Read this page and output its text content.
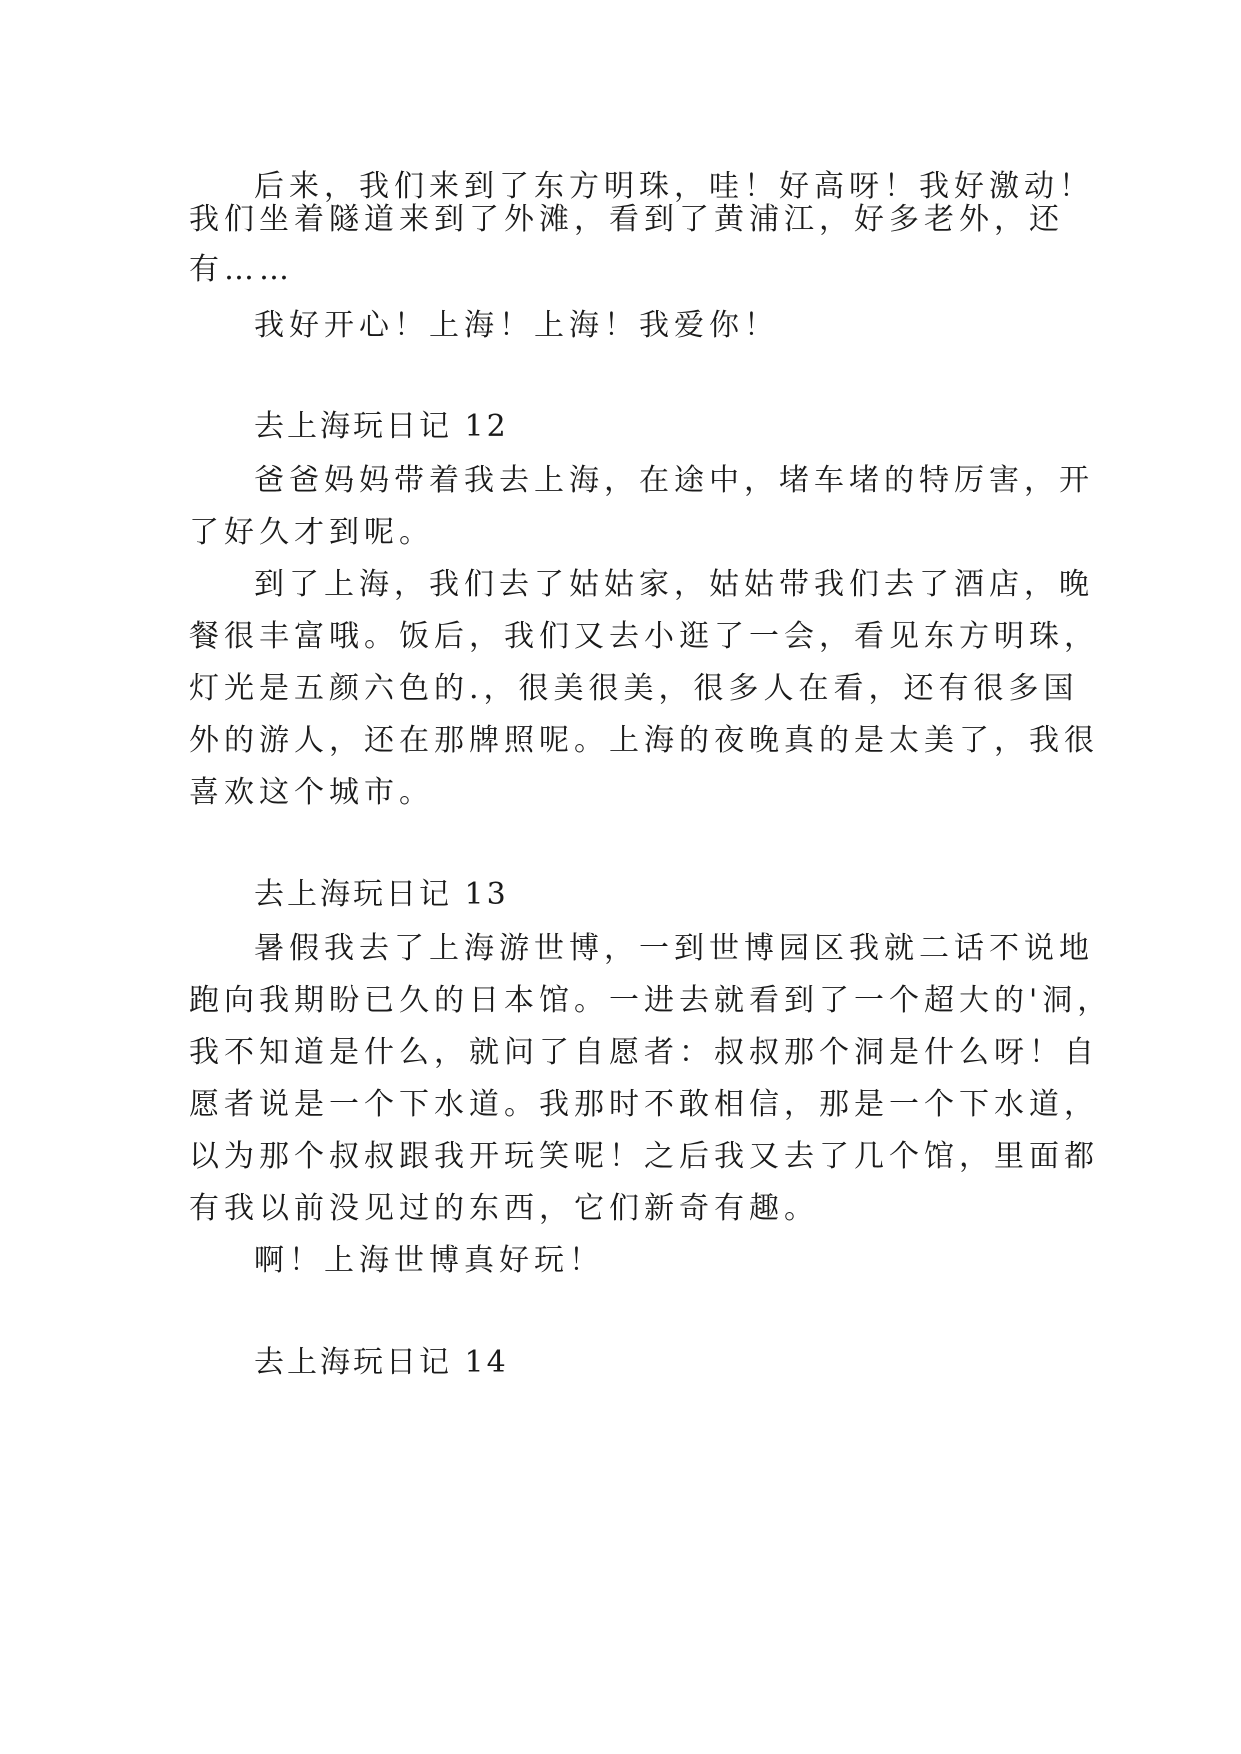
后来，我们来到了东方明珠，哇！好高呀！我好激动！
我们坐着隧道来到了外滩，看到了黄浦江，好多老外，还
有……
我好开心！上海！上海！我爱你！
去上海玩日记 12
爸爸妈妈带着我去上海，在途中，堵车堵的特厉害，开
了好久才到呢。
到了上海，我们去了姑姑家，姑姑带我们去了酒店，晚
餐很丰富哦。饭后，我们又去小逛了一会，看见东方明珠，
灯光是五颜六色的.，很美很美，很多人在看，还有很多国
外的游人，还在那牌照呢。上海的夜晚真的是太美了，我很
喜欢这个城市。
去上海玩日记 13
暑假我去了上海游世博，一到世博园区我就二话不说地
跑向我期盼已久的日本馆。一进去就看到了一个超大的'洞，
我不知道是什么，就问了自愿者：叔叔那个洞是什么呀！自
愿者说是一个下水道。我那时不敢相信，那是一个下水道，
以为那个叔叔跟我开玩笑呢！之后我又去了几个馆，里面都
有我以前没见过的东西，它们新奇有趣。
啊！上海世博真好玩！
去上海玩日记 14
